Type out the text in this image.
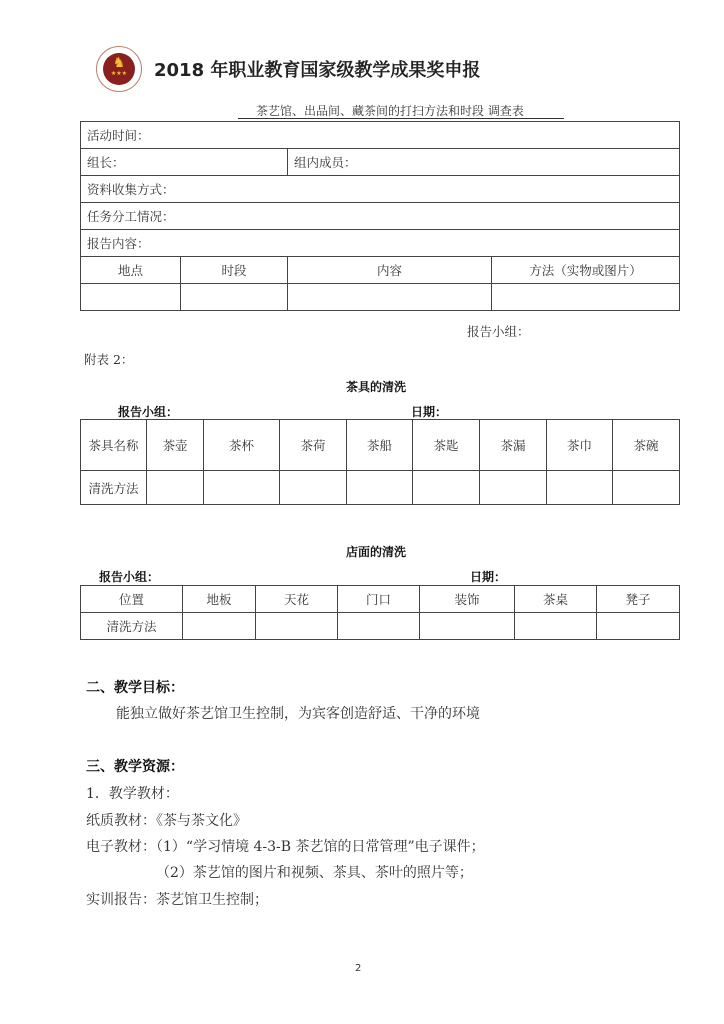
♞
★★★ 2018 年职业教育国家级教学成果奖申报
茶艺馆、出品间、藏茶间的打扫方法和时段 调查表
活动时间：			
组长：		组内成员：	
资料收集方式：			
任务分工情况：			
报告内容：			
地点	时段	内容	方法（实物或图片）

报告小组：
附表 2：
茶具的清洗
报告小组：	日期：
茶具名称	茶壶	茶杯	茶荷	茶船	茶匙	茶漏	茶巾	茶碗
清洗方法								
店面的清洗
报告小组：	日期：
位置	地板	天花	门口	装饰	茶桌	凳子
清洗方法						
二、教学目标：
能独立做好茶艺馆卫生控制，为宾客创造舒适、干净的环境
三、教学资源：
1．教学教材：
纸质教材：《茶与茶文化》
电子教材：（1）“学习情境 4-3-B 茶艺馆的日常管理”电子课件；
（2）茶艺馆的图片和视频、茶具、茶叶的照片等；
实训报告：茶艺馆卫生控制；
2
